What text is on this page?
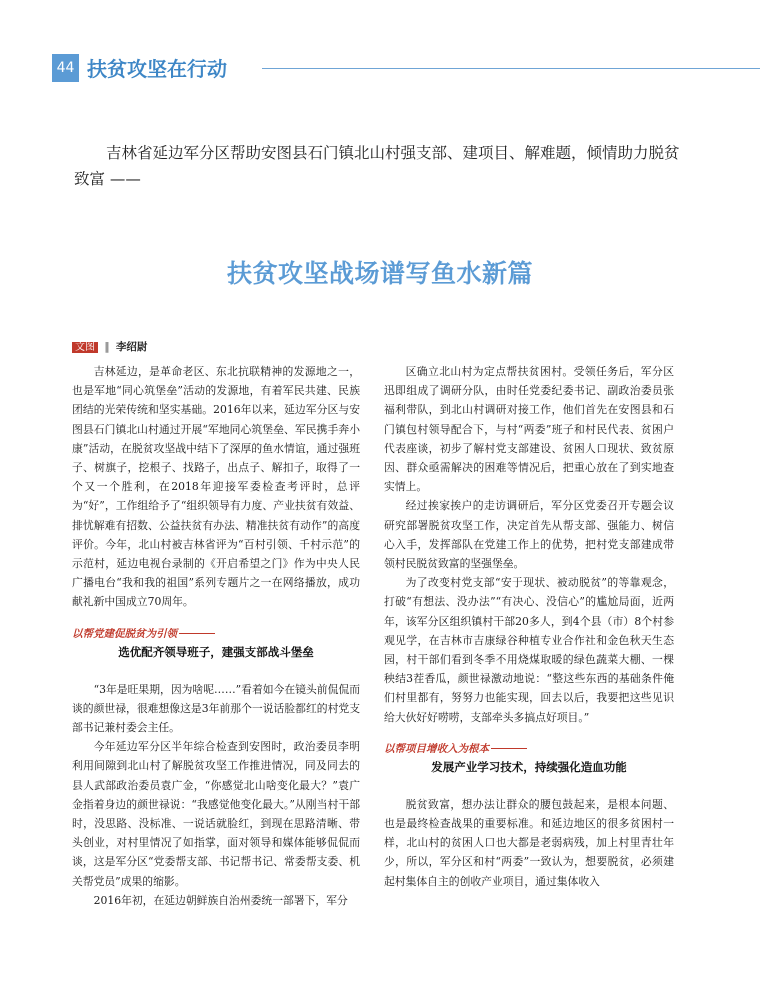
44 扶贫攻坚在行动
吉林省延边军分区帮助安图县石门镇北山村强支部、建项目、解难题，倾情助力脱贫致富 ——
扶贫攻坚战场谱写鱼水新篇
文图 ‖ 李绍尉

吉林延边，是革命老区、东北抗联精神的发源地之一，也是军地“同心筑堡垒”活动的发源地，有着军民共建、民族团结的光荣传统和坚实基础。2016年以来，延边军分区与安图县石门镇北山村通过开展“军地同心筑堡垒、军民携手奔小康”活动，在脱贫攻坚战中结下了深厚的鱼水情谊，通过强班子、树旗子，挖根子、找路子，出点子、解扣子，取得了一个又一个胜利，在2018年迎接军委检查考评时，总评为“好”，工作组给予了“组织领导有力度、产业扶贫有效益、排忧解难有招数、公益扶贫有办法、精准扶贫有动作”的高度评价。今年，北山村被吉林省评为“百村引领、千村示范”的示范村，延边电视台录制的《开启希望之门》作为中央人民广播电台“我和我的祖国”系列专题片之一在网络播放，成功献礼新中国成立70周年。

以帮党建促脱贫为引领
选优配齐领导班子，建强支部战斗堡垒

“3年是旺果期，因为啥呢……”看着如今在镜头前侃侃而谈的颜世禄，很难想像这是3年前那个一说话脸都红的村党支部书记兼村委会主任。

今年延边军分区半年综合检查到安图时，政治委员李明利用间隙到北山村了解脱贫攻坚工作推进情况，同及同去的县人武部政治委员袁广金，“你感觉北山啥变化最大？”袁广金指着身边的颜世禄说：“我感觉他变化最大。”从刚当村干部时，没思路、没标准、一说话就脸红，到现在思路清晰、带头创业，对村里情况了如指掌，面对领导和媒体能够侃侃而谈，这是军分区“党委帮支部、书记帮书记、常委帮支委、机关帮党员”成果的缩影。

2016年初，在延边朝鲜族自治州委统一部署下，军分

区确立北山村为定点帮扶贫困村。受领任务后，军分区迅即组成了调研分队，由时任党委纪委书记、副政治委员张福利带队，到北山村调研对接工作，他们首先在安图县和石门镇包村领导配合下，与村“两委”班子和村民代表、贫困户代表座谈，初步了解村党支部建设、贫困人口现状、致贫原因、群众亟需解决的困难等情况后，把重心放在了到实地查实情上。

经过挨家挨户的走访调研后，军分区党委召开专题会议研究部署脱贫攻坚工作，决定首先从帮支部、强能力、树信心入手，发挥部队在党建工作上的优势，把村党支部建成带领村民脱贫致富的坚强堡垒。

为了改变村党支部“安于现状、被动脱贫”的等靠观念，打破“有想法、没办法”“有决心、没信心”的尴尬局面，近两年，该军分区组织镇村干部20多人，到4个县（市）8个村参观见学，在吉林市吉康绿谷种植专业合作社和金色秋天生态园，村干部们看到冬季不用烧煤取暖的绿色蔬菜大棚、一棵秧结3茬香瓜，颜世禄激动地说：“整这些东西的基础条件俺们村里都有，努努力也能实现，回去以后，我要把这些见识给大伙好好唠唠，支部牵头多搞点好项目。”

以帮项目增收入为根本
发展产业学习技术，持续强化造血功能

脱贫致富，想办法让群众的腰包鼓起来，是根本问题、也是最终检查战果的重要标准。和延边地区的很多贫困村一样，北山村的贫困人口也大都是老弱病残，加上村里青壮年少，所以，军分区和村“两委”一致认为，想要脱贫，必须建起村集体自主的创收产业项目，通过集体收入
